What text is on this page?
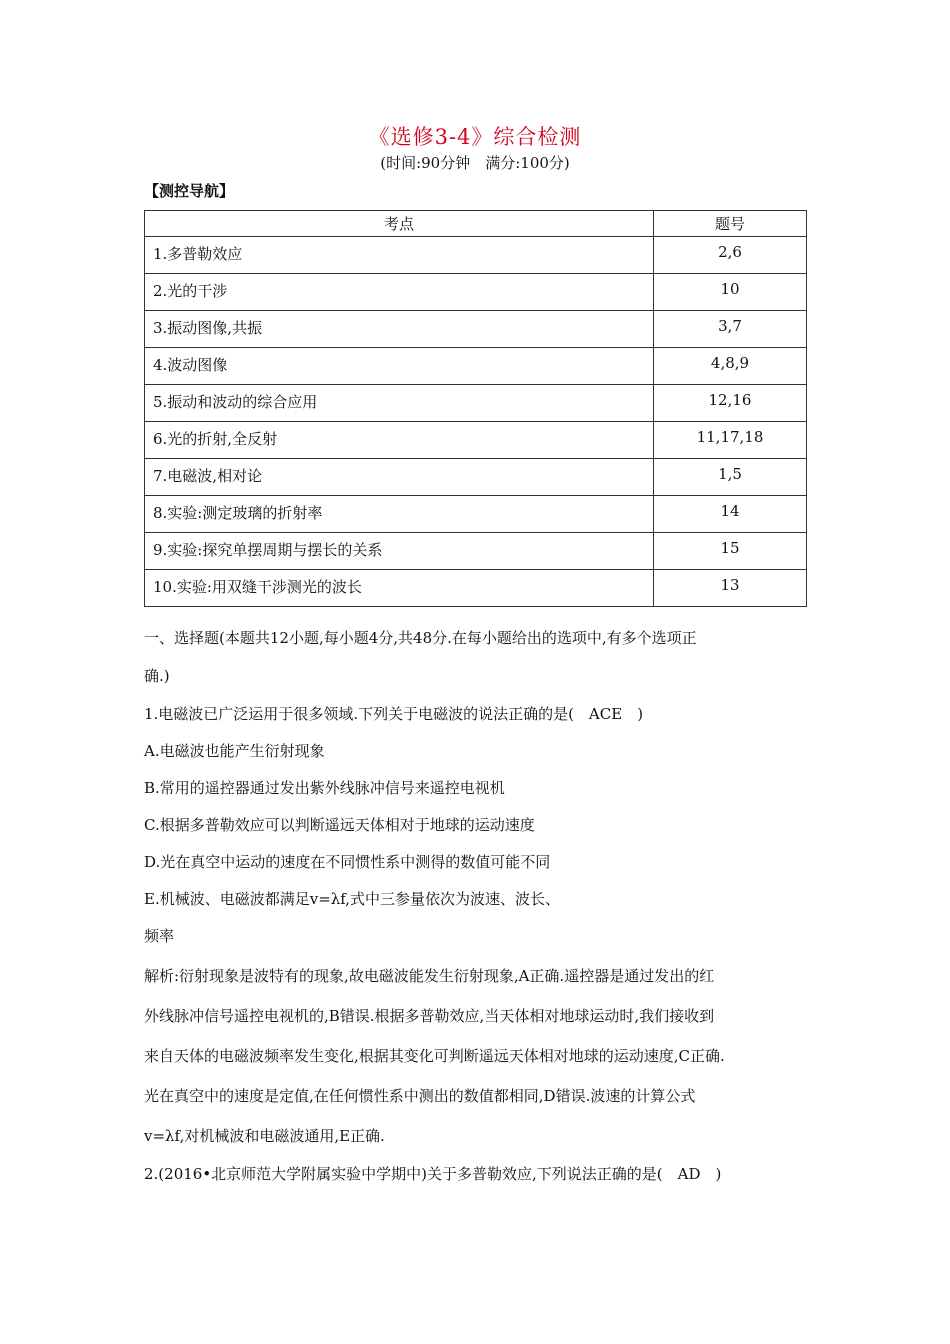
《选修3-4》综合检测
(时间:90分钟　满分:100分)
【测控导航】
考点	题号
1.多普勒效应	2,6
2.光的干涉	10
3.振动图像,共振	3,7
4.波动图像	4,8,9
5.振动和波动的综合应用	12,16
6.光的折射,全反射	11,17,18
7.电磁波,相对论	1,5
8.实验:测定玻璃的折射率	14
9.实验:探究单摆周期与摆长的关系	15
10.实验:用双缝干涉测光的波长	13
一、选择题(本题共12小题,每小题4分,共48分.在每小题给出的选项中,有多个选项正
确.)
1.电磁波已广泛运用于很多领域.下列关于电磁波的说法正确的是(　ACE　)
A.电磁波也能产生衍射现象
B.常用的遥控器通过发出紫外线脉冲信号来遥控电视机
C.根据多普勒效应可以判断遥远天体相对于地球的运动速度
D.光在真空中运动的速度在不同惯性系中测得的数值可能不同
E.机械波、电磁波都满足v=λf,式中三参量依次为波速、波长、
频率
解析:衍射现象是波特有的现象,故电磁波能发生衍射现象,A正确.遥控器是通过发出的红
外线脉冲信号遥控电视机的,B错误.根据多普勒效应,当天体相对地球运动时,我们接收到
来自天体的电磁波频率发生变化,根据其变化可判断遥远天体相对地球的运动速度,C正确.
光在真空中的速度是定值,在任何惯性系中测出的数值都相同,D错误.波速的计算公式
v=λf,对机械波和电磁波通用,E正确.
2.(2016•北京师范大学附属实验中学期中)关于多普勒效应,下列说法正确的是(　AD　)
